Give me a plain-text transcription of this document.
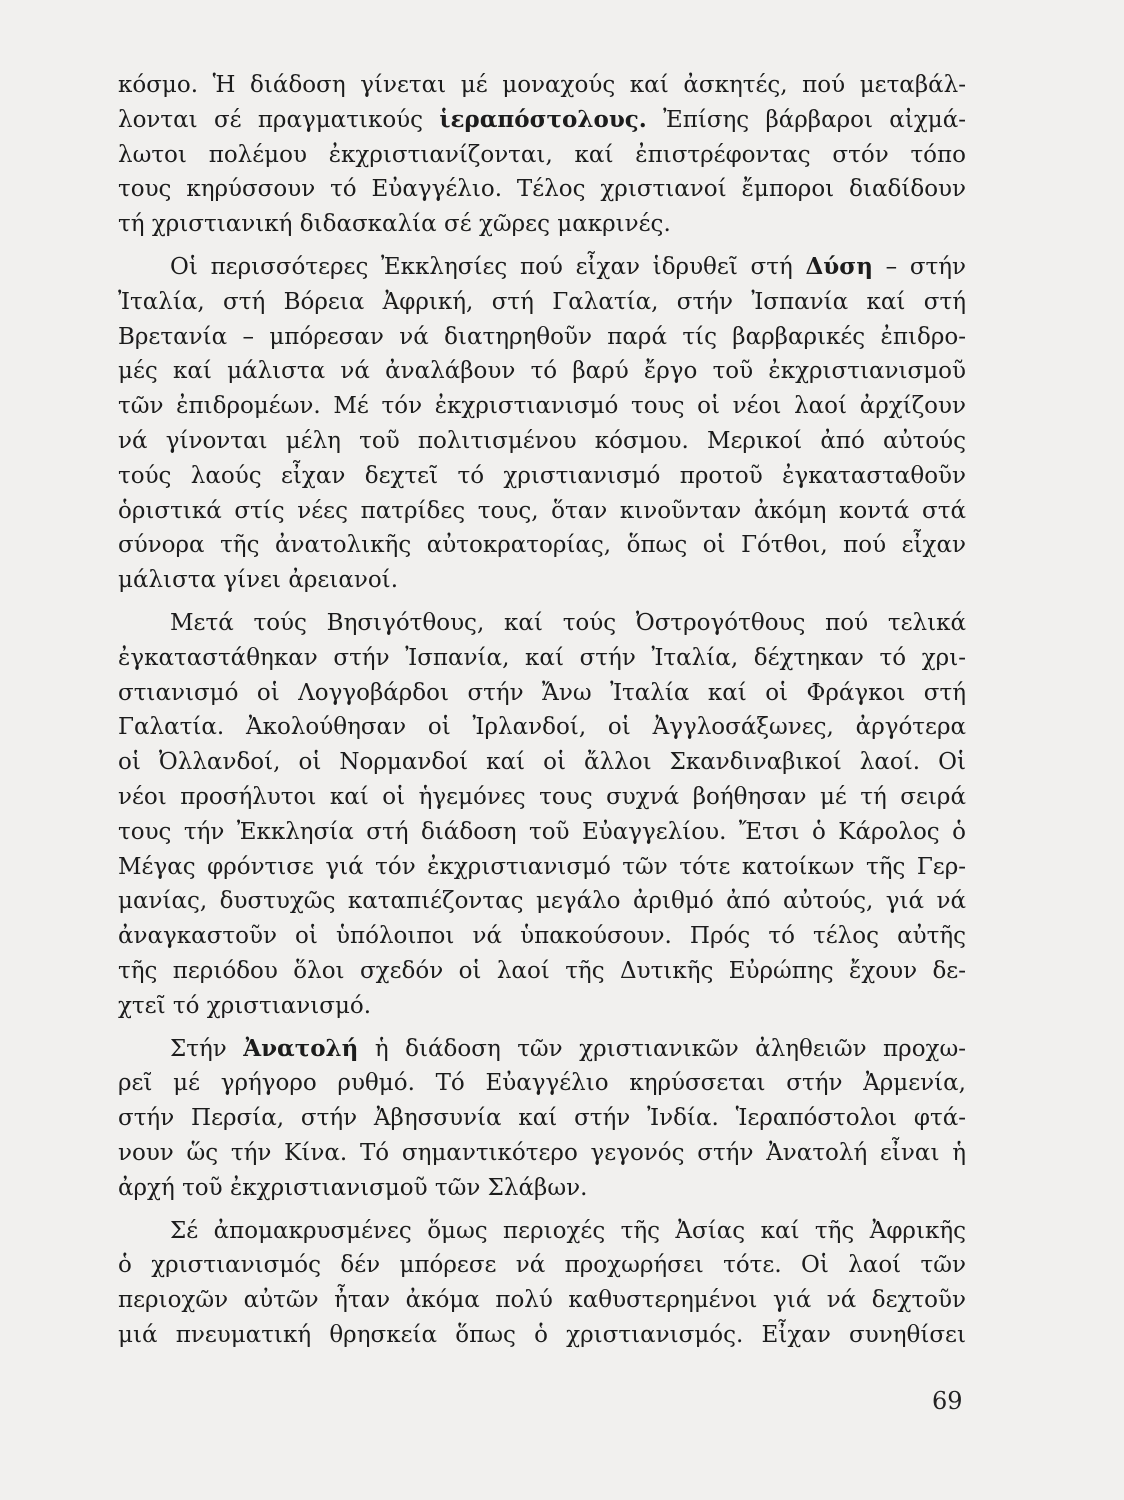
κόσμο. Ἡ διάδοση γίνεται μέ μοναχούς καί ἀσκητές, πού μεταβάλ-
λονται σέ πραγματικούς ἱεραπόστολους. Ἐπίσης βάρβαροι αἰχμά-
λωτοι πολέμου ἐκχριστιανίζονται, καί ἐπιστρέφοντας στόν τόπο
τους κηρύσσουν τό Εὐαγγέλιο. Τέλος χριστιανοί ἔμποροι διαδίδουν
τή χριστιανική διδασκαλία σέ χῶρες μακρινές.
Οἱ περισσότερες Ἐκκλησίες πού εἶχαν ἱδρυθεῖ στή Δύση – στήν
Ἰταλία, στή Βόρεια Ἀφρική, στή Γαλατία, στήν Ἰσπανία καί στή
Βρετανία – μπόρεσαν νά διατηρηθοῦν παρά τίς βαρβαρικές ἐπιδρο-
μές καί μάλιστα νά ἀναλάβουν τό βαρύ ἔργο τοῦ ἐκχριστιανισμοῦ
τῶν ἐπιδρομέων. Μέ τόν ἐκχριστιανισμό τους οἱ νέοι λαοί ἀρχίζουν
νά γίνονται μέλη τοῦ πολιτισμένου κόσμου. Μερικοί ἀπό αὐτούς
τούς λαούς εἶχαν δεχτεῖ τό χριστιανισμό προτοῦ ἐγκατασταθοῦν
ὁριστικά στίς νέες πατρίδες τους, ὅταν κινοῦνταν ἀκόμη κοντά στά
σύνορα τῆς ἀνατολικῆς αὐτοκρατορίας, ὅπως οἱ Γότθοι, πού εἶχαν
μάλιστα γίνει ἀρειανοί.
Μετά τούς Βησιγότθους, καί τούς Ὀστρογότθους πού τελικά
ἐγκαταστάθηκαν στήν Ἰσπανία, καί στήν Ἰταλία, δέχτηκαν τό χρι-
στιανισμό οἱ Λογγοβάρδοι στήν Ἄνω Ἰταλία καί οἱ Φράγκοι στή
Γαλατία. Ἀκολούθησαν οἱ Ἰρλανδοί, οἱ Ἀγγλοσάξωνες, ἀργότερα
οἱ Ὀλλανδοί, οἱ Νορμανδοί καί οἱ ἄλλοι Σκανδιναβικοί λαοί. Οἱ
νέοι προσήλυτοι καί οἱ ἡγεμόνες τους συχνά βοήθησαν μέ τή σειρά
τους τήν Ἐκκλησία στή διάδοση τοῦ Εὐαγγελίου. Ἔτσι ὁ Κάρολος ὁ
Μέγας φρόντισε γιά τόν ἐκχριστιανισμό τῶν τότε κατοίκων τῆς Γερ-
μανίας, δυστυχῶς καταπιέζοντας μεγάλο ἀριθμό ἀπό αὐτούς, γιά νά
ἀναγκαστοῦν οἱ ὑπόλοιποι νά ὑπακούσουν. Πρός τό τέλος αὐτῆς
τῆς περιόδου ὅλοι σχεδόν οἱ λαοί τῆς Δυτικῆς Εὐρώπης ἔχουν δε-
χτεῖ τό χριστιανισμό.
Στήν Ἀνατολή ἡ διάδοση τῶν χριστιανικῶν ἀληθειῶν προχω-
ρεῖ μέ γρήγορο ρυθμό. Τό Εὐαγγέλιο κηρύσσεται στήν Ἀρμενία,
στήν Περσία, στήν Ἀβησσυνία καί στήν Ἰνδία. Ἱεραπόστολοι φτά-
νουν ὥς τήν Κίνα. Τό σημαντικότερο γεγονός στήν Ἀνατολή εἶναι ἡ
ἀρχή τοῦ ἐκχριστιανισμοῦ τῶν Σλάβων.
Σέ ἀπομακρυσμένες ὅμως περιοχές τῆς Ἀσίας καί τῆς Ἀφρικῆς
ὁ χριστιανισμός δέν μπόρεσε νά προχωρήσει τότε. Οἱ λαοί τῶν
περιοχῶν αὐτῶν ἦταν ἀκόμα πολύ καθυστερημένοι γιά νά δεχτοῦν
μιά πνευματική θρησκεία ὅπως ὁ χριστιανισμός. Εἶχαν συνηθίσει
69
